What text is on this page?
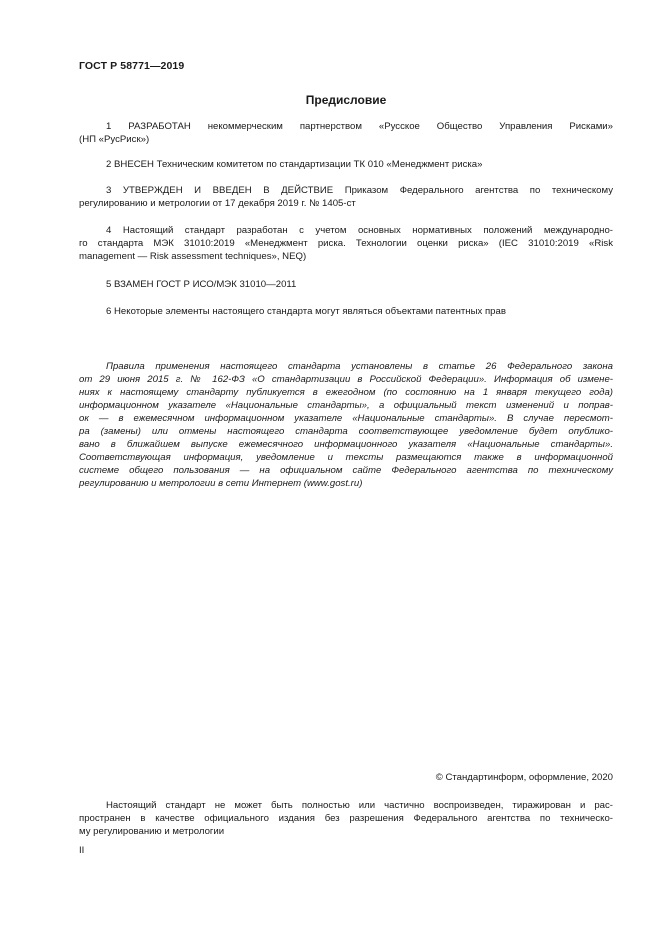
ГОСТ Р 58771—2019
Предисловие
1 РАЗРАБОТАН некоммерческим партнерством «Русское Общество Управления Рисками»
(НП «РусРиск»)
2 ВНЕСЕН Техническим комитетом по стандартизации ТК 010 «Менеджмент риска»
3 УТВЕРЖДЕН И ВВЕДЕН В ДЕЙСТВИЕ Приказом Федерального агентства по техническому
регулированию и метрологии от 17 декабря 2019 г. № 1405-ст
4 Настоящий стандарт разработан с учетом основных нормативных положений международно-
го стандарта МЭК 31010:2019 «Менеджмент риска. Технологии оценки риска» (IEC 31010:2019 «Risk
management — Risk assessment techniques», NEQ)
5 ВЗАМЕН ГОСТ Р ИСО/МЭК 31010—2011
6 Некоторые элементы настоящего стандарта могут являться объектами патентных прав
Правила применения настоящего стандарта установлены в статье 26 Федерального закона
от 29 июня 2015 г. № 162-ФЗ «О стандартизации в Российской Федерации». Информация об измене-
ниях к настоящему стандарту публикуется в ежегодном (по состоянию на 1 января текущего года)
информационном указателе «Национальные стандарты», а официальный текст изменений и поправ-
ок — в ежемесячном информационном указателе «Национальные стандарты». В случае пересмот-
ра (замены) или отмены настоящего стандарта соответствующее уведомление будет опублико-
вано в ближайшем выпуске ежемесячного информационного указателя «Национальные стандарты».
Соответствующая информация, уведомление и тексты размещаются также в информационной
системе общего пользования — на официальном сайте Федерального агентства по техническому
регулированию и метрологии в сети Интернет (www.gost.ru)
© Стандартинформ, оформление, 2020
Настоящий стандарт не может быть полностью или частично воспроизведен, тиражирован и рас-
пространен в качестве официального издания без разрешения Федерального агентства по техническо-
му регулированию и метрологии
II
